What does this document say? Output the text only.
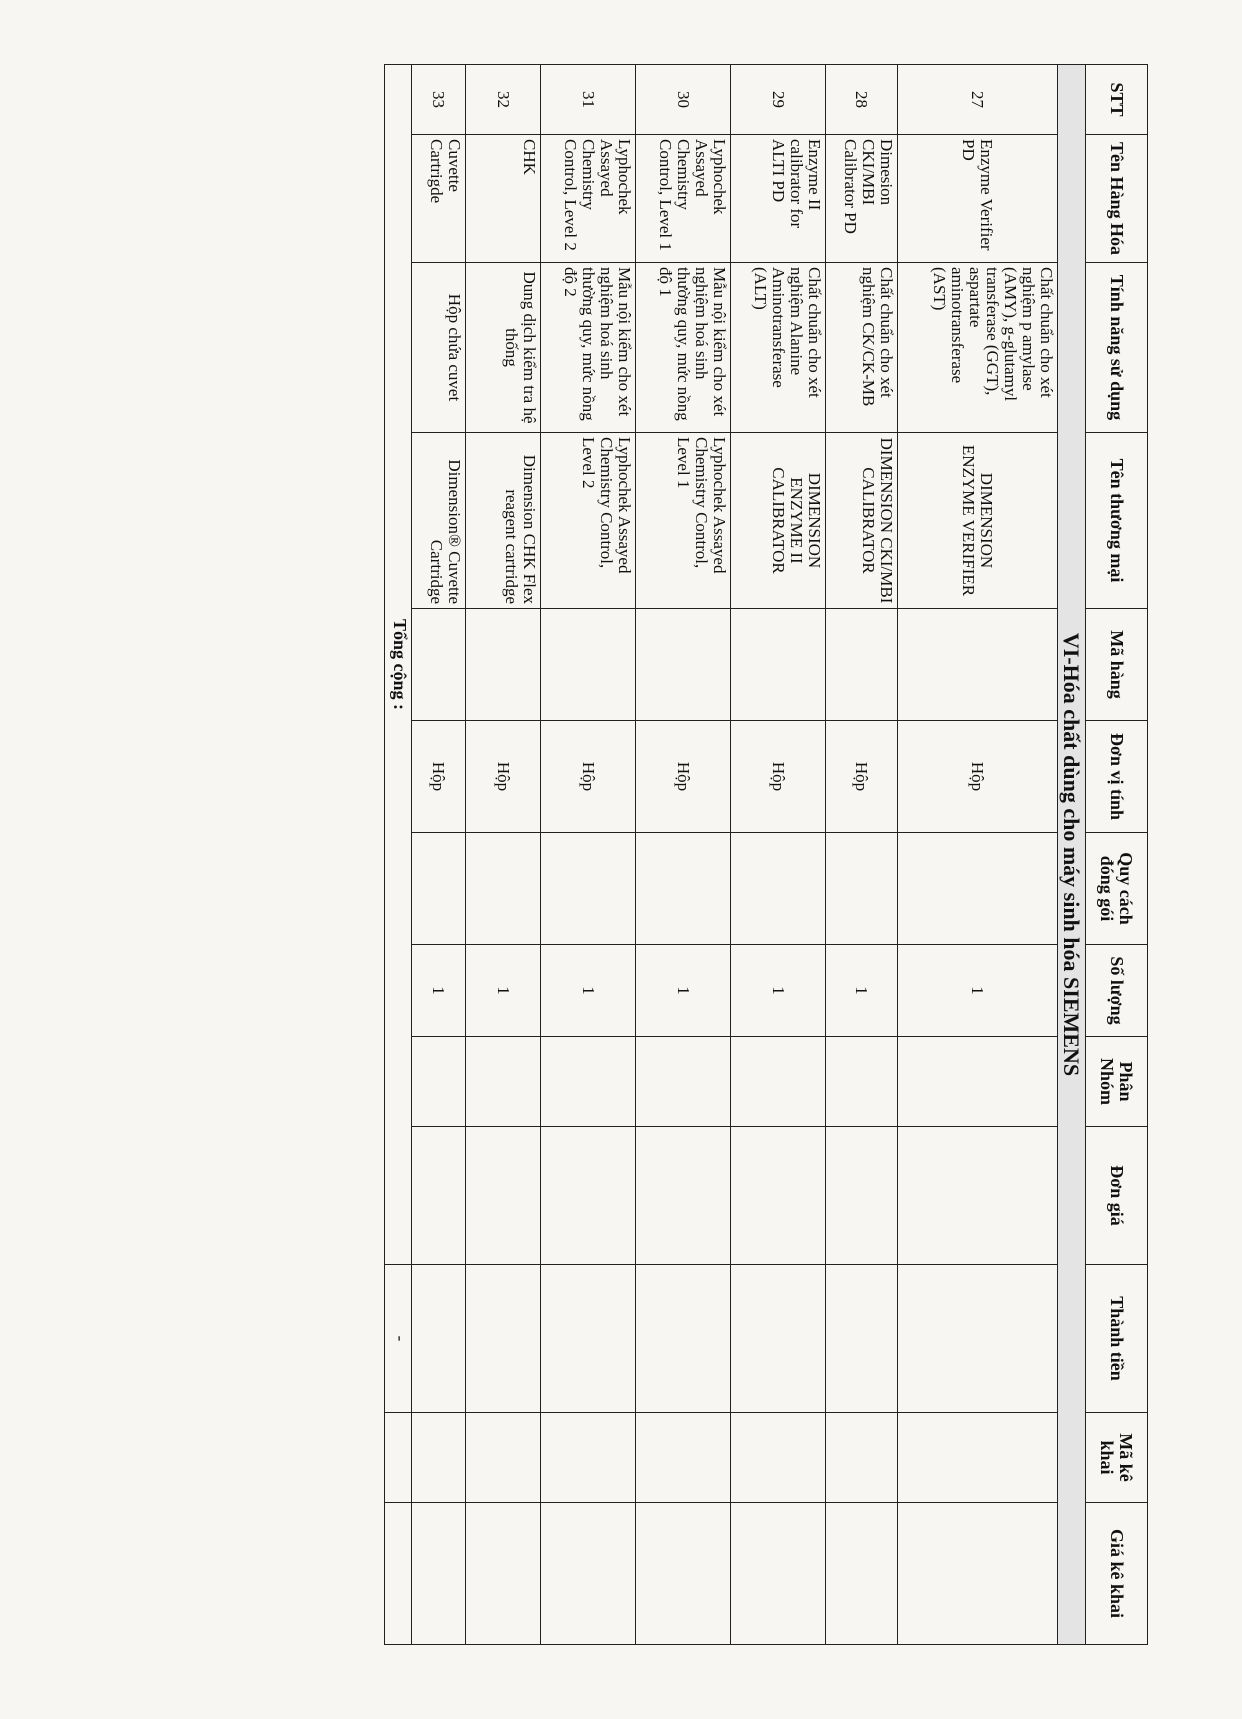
STT	Tên Hàng Hóa	Tính năng sử dụng	Tên thương mại	Mã hàng	Đơn vị tính	Quy cách đóng gói	Số lượng	Phân Nhóm	Đơn giá	Thành tiền	Mã kê khai	Giá kê khai
VI-Hóa chất dùng cho máy sinh hóa SIEMENS												
27	Enzyme Verifier PD	Chất chuẩn cho xét nghiệm p amylase (AMY), g-glutamyl transferase (GGT), aspartate aminotransferase (AST)	DIMENSION ENZYME VERIFIER		Hộp		1					
28	Dimesion CKI/MBI Calibrator PD	Chất chuẩn cho xét nghiệm CK/CK-MB	DIMENSION CKI/MBI CALIBRATOR		Hộp		1					
29	Enzyme II calibrator for ALTI PD	Chất chuẩn cho xét nghiệm Alanine Aminotransferase (ALT)	DIMENSION ENZYME II CALIBRATOR		Hộp		1					
30	Lyphochek Assayed Chemistry Control, Level 1	Mẫu nội kiểm cho xét nghiệm hoá sinh thường quy, mức nồng độ 1	Lyphochek Assayed Chemistry Control, Level 1		Hộp		1					
31	Lyphochek Assayed Chemistry Control, Level 2	Mẫu nội kiểm cho xét nghiệm hoá sinh thường quy, mức nồng độ 2	Lyphochek Assayed Chemistry Control, Level 2		Hộp		1					
32	CHK	Dung dịch kiểm tra hệ thống	Dimension CHK Flex reagent cartridge		Hộp		1					
33	Cuvette Cartrigde	Hộp chứa cuvet	Dimension® Cuvette Cartridge		Hộp		1					
Tổng cộng :										-		
